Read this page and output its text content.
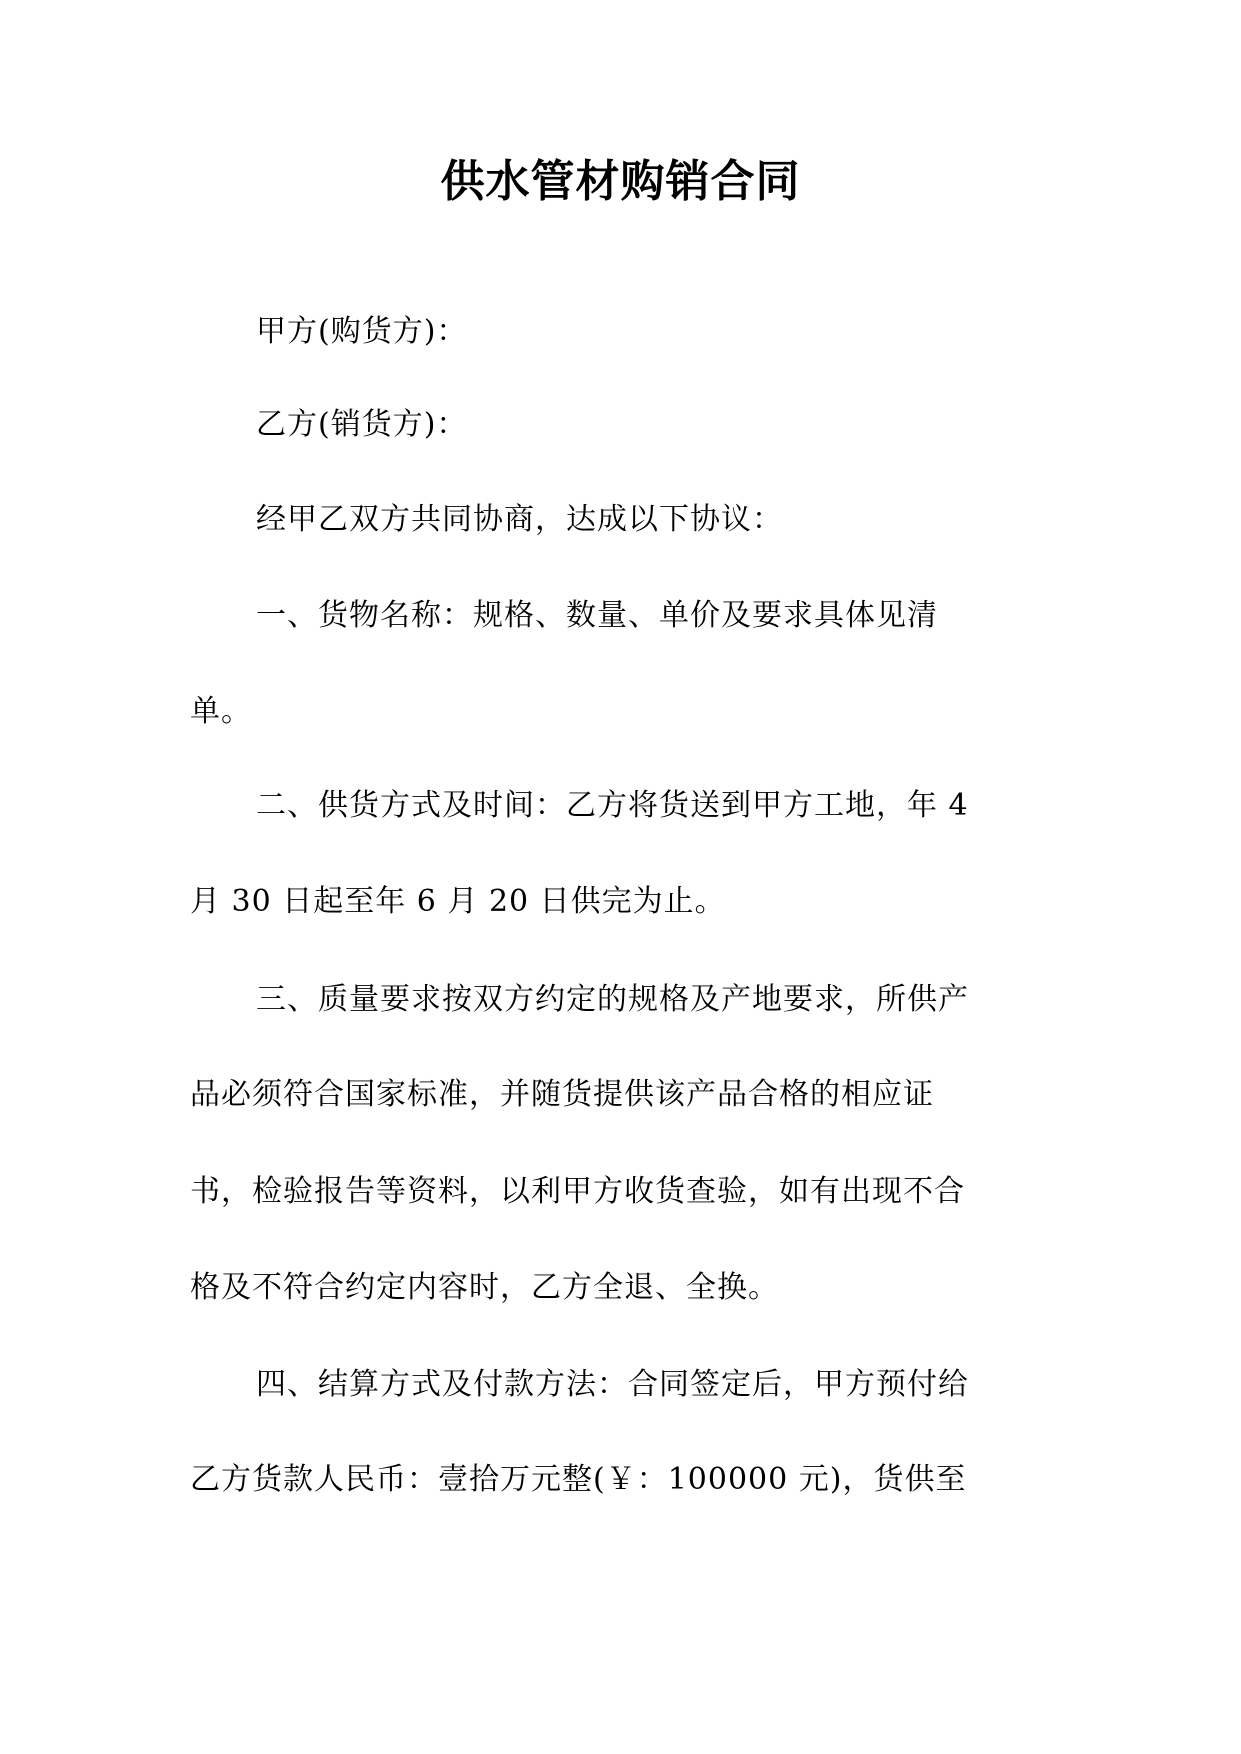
供水管材购销合同
甲方(购货方)：
乙方(销货方)：
经甲乙双方共同协商，达成以下协议：
一、货物名称：规格、数量、单价及要求具体见清
单。
二、供货方式及时间：乙方将货送到甲方工地，年 4
月 30 日起至年 6 月 20 日供完为止。
三、质量要求按双方约定的规格及产地要求，所供产
品必须符合国家标准，并随货提供该产品合格的相应证
书，检验报告等资料，以利甲方收货查验，如有出现不合
格及不符合约定内容时，乙方全退、全换。
四、结算方式及付款方法：合同签定后，甲方预付给
乙方货款人民币：壹拾万元整(￥：100000 元)，货供至
